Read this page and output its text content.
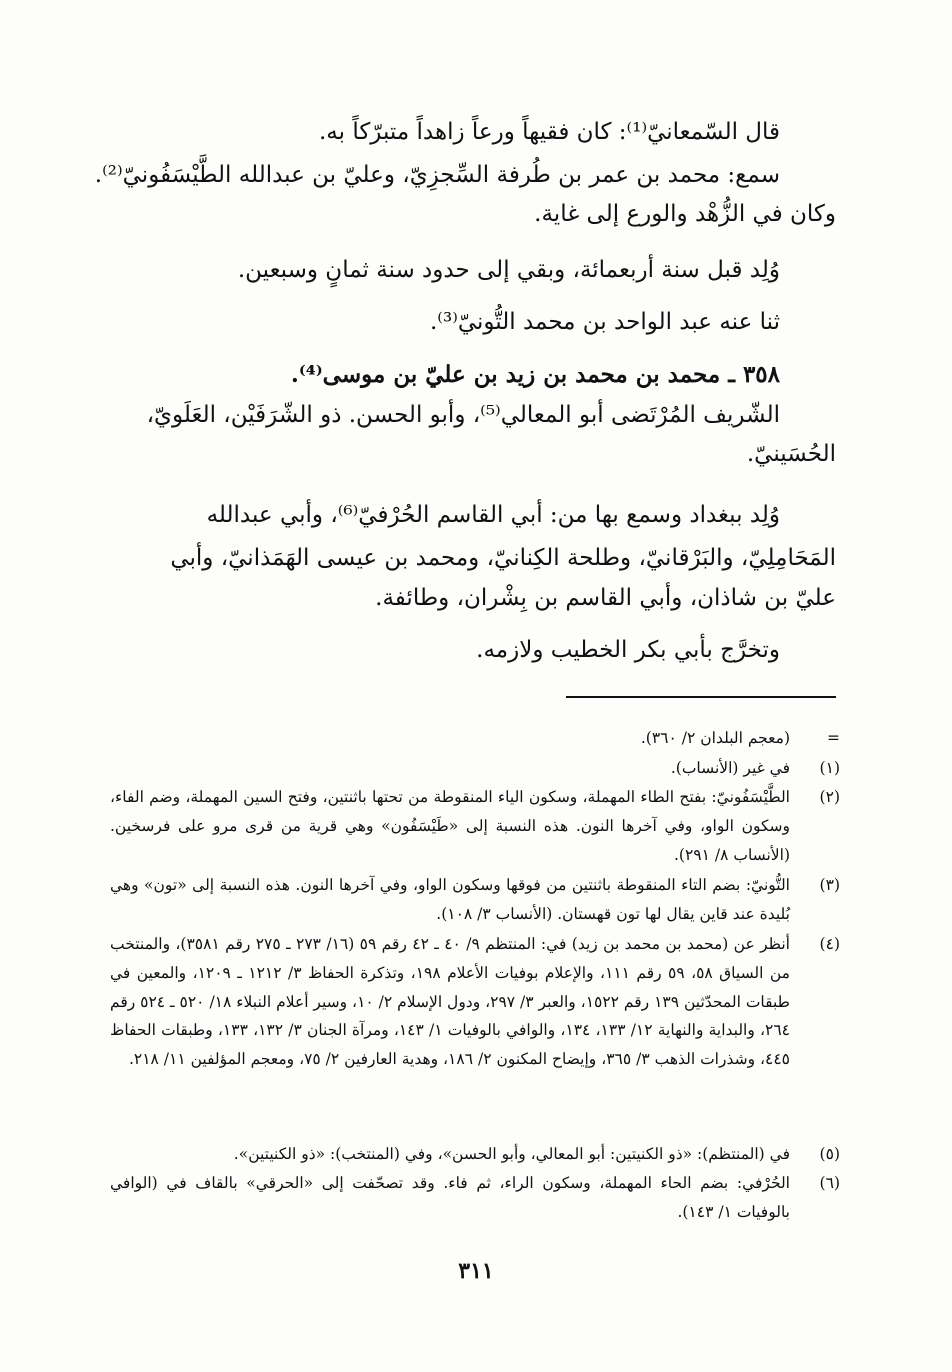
قال السّمعانيّ⁽¹⁾: كان فقيهاً ورعاً زاهداً متبرّكاً به.

سمع: محمد بن عمر بن طُرفة السِّجزِيّ، وعليّ بن عبدالله الطَّيْسَفُونيّ⁽²⁾.

وكان في الزُّهْد والورع إلى غاية.

وُلِد قبل سنة أربعمائة، وبقي إلى حدود سنة ثمانٍ وسبعين.

ثنا عنه عبد الواحد بن محمد التُّونيّ⁽³⁾.

٣٥٨ ـ محمد بن محمد بن زيد بن عليّ بن موسى⁽⁴⁾.

الشّريف المُرْتَضى أبو المعالي⁽⁵⁾، وأبو الحسن. ذو الشّرَفَيْن، العَلَويّ،

الحُسَينيّ.

وُلِد ببغداد وسمع بها من: أبي القاسم الحُرْفيّ⁽⁶⁾، وأبي عبدالله

المَحَامِلِيّ، والبَرْقانيّ، وطلحة الكِنانيّ، ومحمد بن عيسى الهَمَذانيّ، وأبي

عليّ بن شاذان، وأبي القاسم بن بِشْران، وطائفة.

وتخرَّج بأبي بكر الخطيب ولازمه.

=
(معجم البلدان ٢/ ٣٦٠).
(١)
في غير (الأنساب).
(٢)
الطَّيْسَفُونيّ: بفتح الطاء المهملة، وسكون الياء المنقوطة من تحتها باثنتين، وفتح السين المهملة، وضم الفاء، وسكون الواو، وفي آخرها النون. هذه النسبة إلى «طَيْسَفُون» وهي قرية من قرى مرو على فرسخين. (الأنساب ٨/ ٢٩١).
(٣)
التُّونيّ: بضم التاء المنقوطة باثنتين من فوقها وسكون الواو، وفي آخرها النون. هذه النسبة إلى «تون» وهي بُليدة عند قاين يقال لها تون قهستان. (الأنساب ٣/ ١٠٨).
(٤)
أنظر عن (محمد بن محمد بن زيد) في: المنتظم ٩/ ٤٠ ـ ٤٢ رقم ٥٩ (١٦/ ٢٧٣ ـ ٢٧٥ رقم ٣٥٨١)، والمنتخب من السياق ٥٨، ٥٩ رقم ١١١، والإعلام بوفيات الأعلام ١٩٨، وتذكرة الحفاظ ٣/ ١٢١٢ ـ ١٢٠٩، والمعين في طبقات المحدّثين ١٣٩ رقم ١٥٢٢، والعبر ٣/ ٢٩٧، ودول الإسلام ٢/ ١٠، وسير أعلام النبلاء ١٨/ ٥٢٠ ـ ٥٢٤ رقم ٢٦٤، والبداية والنهاية ١٢/ ١٣٣، ١٣٤، والوافي بالوفيات ١/ ١٤٣، ومرآة الجنان ٣/ ١٣٢، ١٣٣، وطبقات الحفاظ ٤٤٥، وشذرات الذهب ٣/ ٣٦٥، وإيضاح المكنون ٢/ ١٨٦، وهدية العارفين ٢/ ٧٥، ومعجم المؤلفين ١١/ ٢١٨.
(٥)
في (المنتظم): «ذو الكنيتين: أبو المعالي، وأبو الحسن»، وفي (المنتخب): «ذو الكنيتين».
(٦)
الحُرْفي: بضم الحاء المهملة، وسكون الراء، ثم فاء. وقد تصحّفت إلى «الحرقي» بالقاف في (الوافي بالوفيات ١/ ١٤٣).
٣١١
